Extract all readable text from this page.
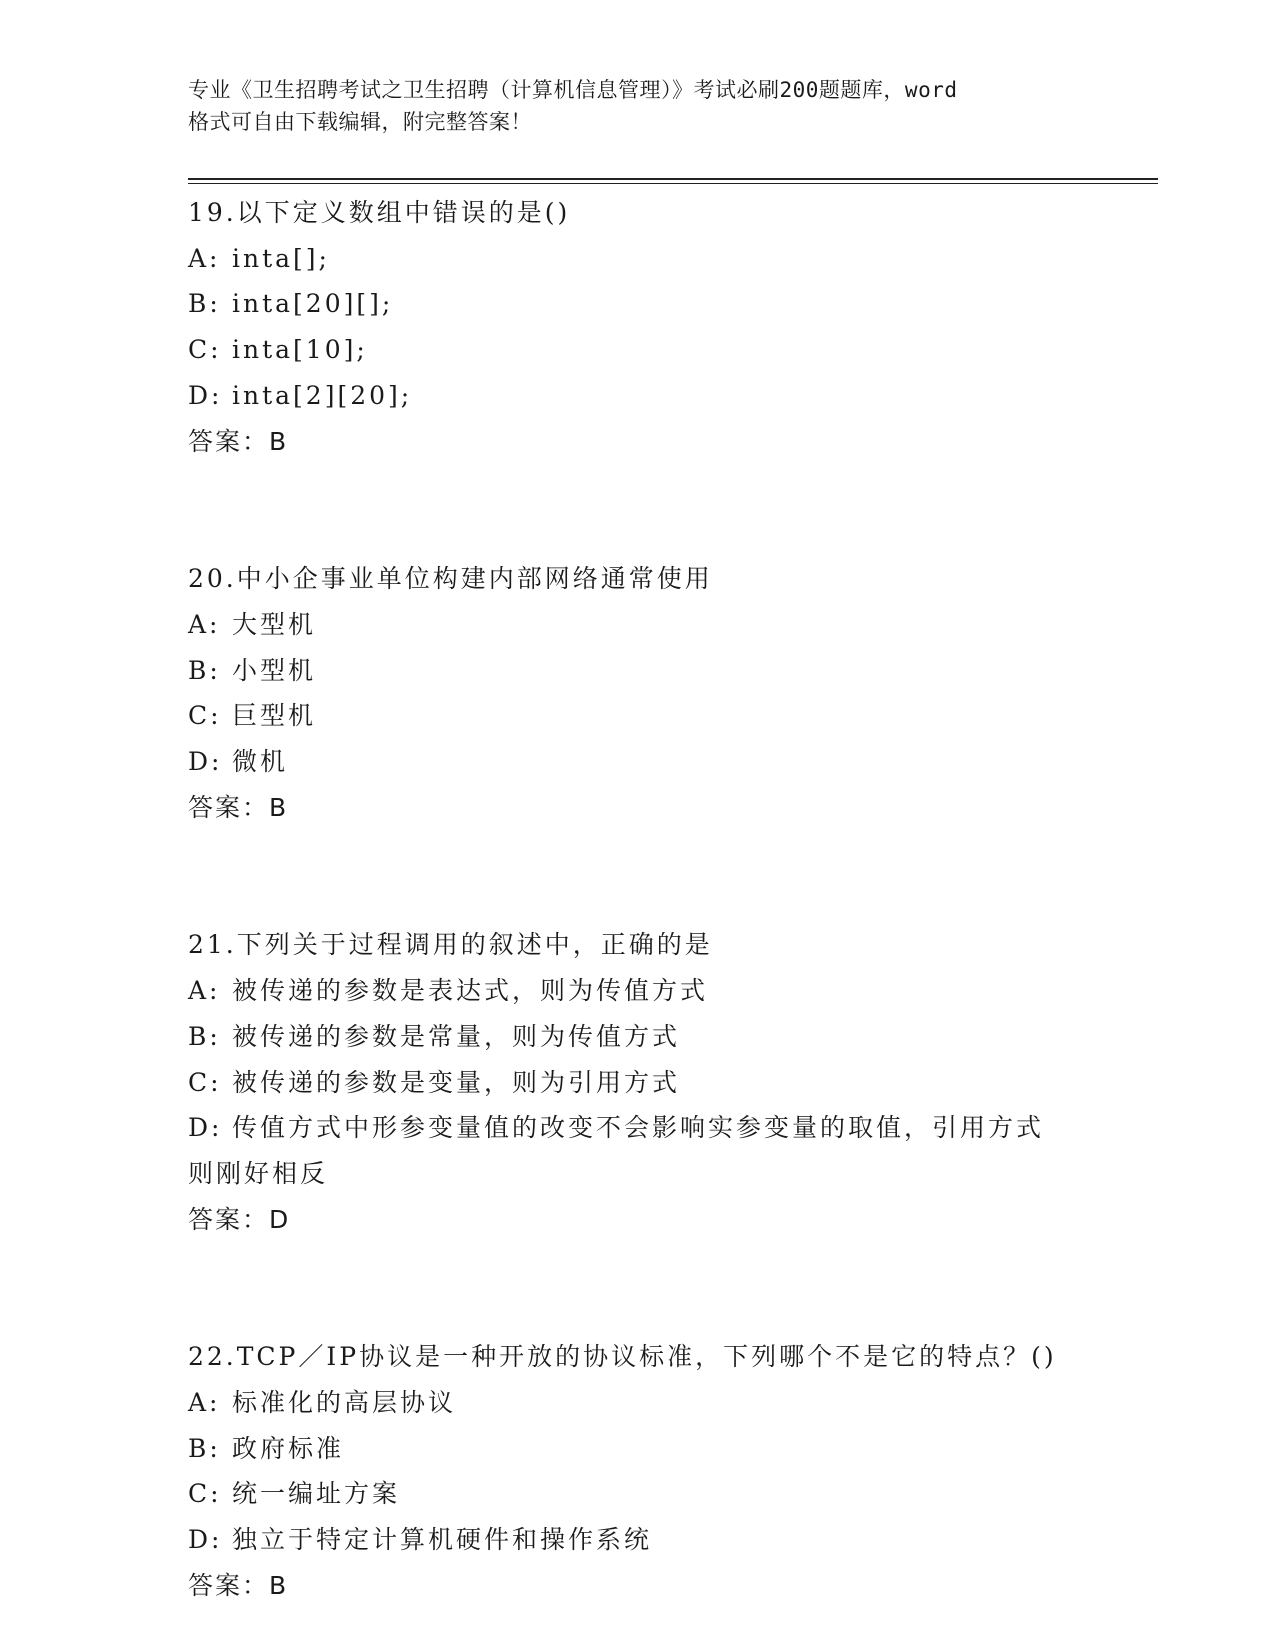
专业《卫生招聘考试之卫生招聘（计算机信息管理）》考试必刷200题题库，word
格式可自由下载编辑，附完整答案！
19.以下定义数组中错误的是()
A: inta[];
B: inta[20][];
C: inta[10];
D: inta[2][20];
答案：B
20.中小企事业单位构建内部网络通常使用
A: 大型机
B: 小型机
C: 巨型机
D: 微机
答案：B
21.下列关于过程调用的叙述中，正确的是
A: 被传递的参数是表达式，则为传值方式
B: 被传递的参数是常量，则为传值方式
C: 被传递的参数是变量，则为引用方式
D: 传值方式中形参变量值的改变不会影响实参变量的取值，引用方式
则刚好相反
答案：D
22.TCP／IP协议是一种开放的协议标准，下列哪个不是它的特点？()
A: 标准化的高层协议
B: 政府标准
C: 统一编址方案
D: 独立于特定计算机硬件和操作系统
答案：B
